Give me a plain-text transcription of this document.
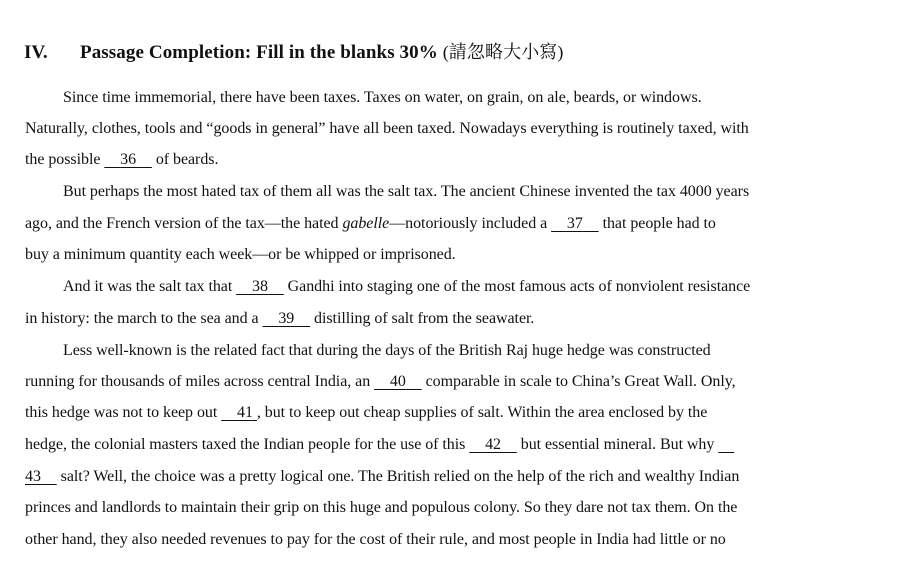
IV. Passage Completion: Fill in the blanks 30% (請忽略大小寫)
Since time immemorial, there have been taxes. Taxes on water, on grain, on ale, beards, or windows.
Naturally, clothes, tools and “goods in general” have all been taxed. Nowadays everything is routinely taxed, with
the possible     36     of beards.
But perhaps the most hated tax of them all was the salt tax. The ancient Chinese invented the tax 4000 years
ago, and the French version of the tax—the hated gabelle—notoriously included a     37     that people had to
buy a minimum quantity each week—or be whipped or imprisoned.
And it was the salt tax that     38     Gandhi into staging one of the most famous acts of nonviolent resistance
in history: the march to the sea and a     39     distilling of salt from the seawater.
Less well-known is the related fact that during the days of the British Raj huge hedge was constructed
running for thousands of miles across central India, an     40     comparable in scale to China’s Great Wall. Only,
this hedge was not to keep out     41 , but to keep out cheap supplies of salt. Within the area enclosed by the
hedge, the colonial masters taxed the Indian people for the use of this     42     but essential mineral. But why
43     salt? Well, the choice was a pretty logical one. The British relied on the help of the rich and wealthy Indian
princes and landlords to maintain their grip on this huge and populous colony. So they dare not tax them. On the
other hand, they also needed revenues to pay for the cost of their rule, and most people in India had little or no
